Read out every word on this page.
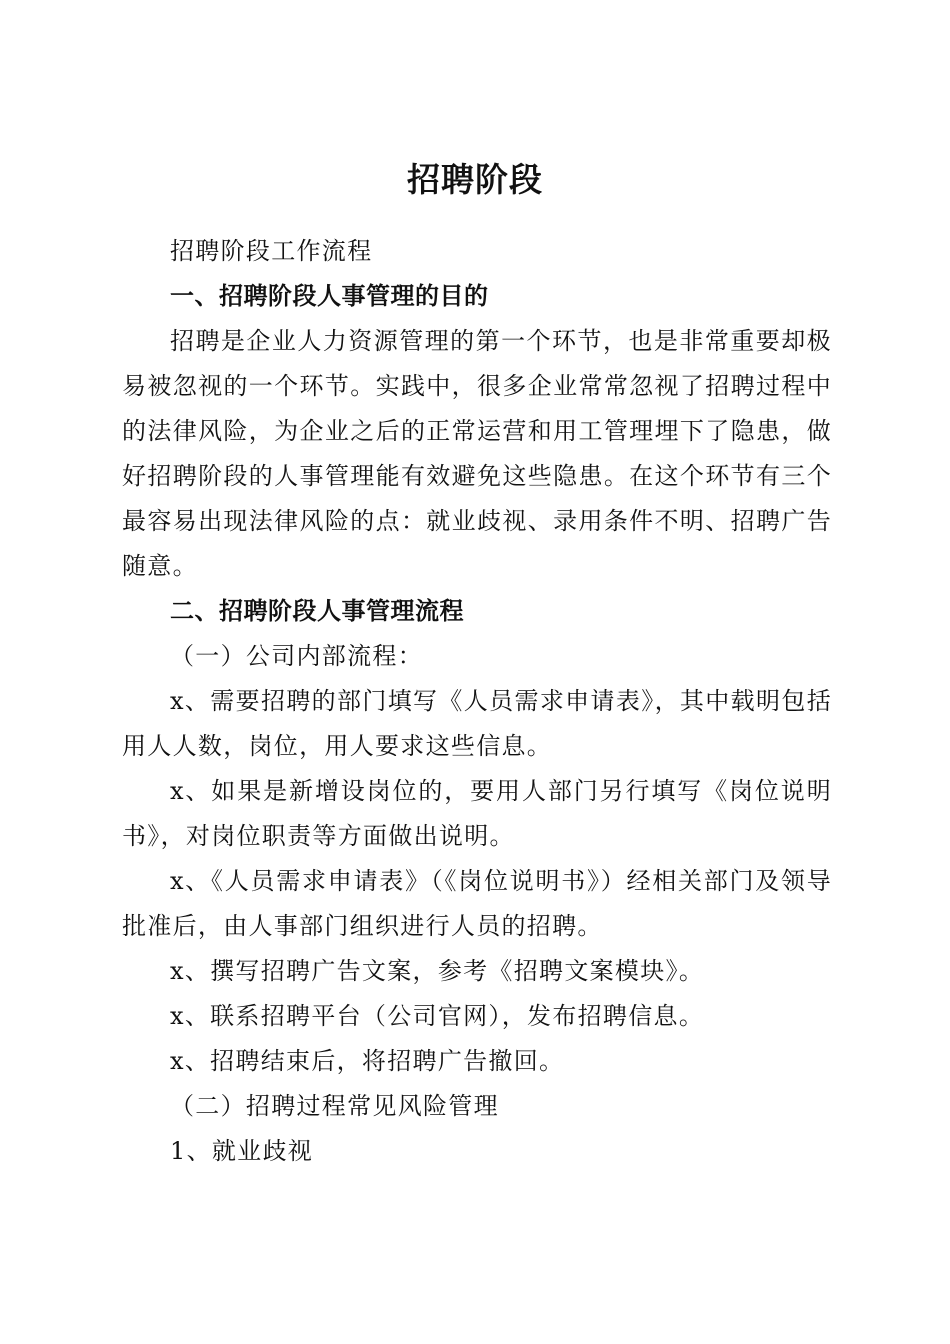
招聘阶段

招聘阶段工作流程

一、招聘阶段人事管理的目的

招聘是企业人力资源管理的第一个环节，也是非常重要却极易被忽视的一个环节。实践中，很多企业常常忽视了招聘过程中的法律风险，为企业之后的正常运营和用工管理埋下了隐患，做好招聘阶段的人事管理能有效避免这些隐患。在这个环节有三个最容易出现法律风险的点：就业歧视、录用条件不明、招聘广告随意。

二、招聘阶段人事管理流程

（一）公司内部流程：

x、需要招聘的部门填写《人员需求申请表》，其中载明包括用人人数，岗位，用人要求这些信息。

x、如果是新增设岗位的，要用人部门另行填写《岗位说明书》，对岗位职责等方面做出说明。

x、《人员需求申请表》（《岗位说明书》）经相关部门及领导批准后，由人事部门组织进行人员的招聘。

x、撰写招聘广告文案，参考《招聘文案模块》。

x、联系招聘平台（公司官网），发布招聘信息。

x、招聘结束后，将招聘广告撤回。

（二）招聘过程常见风险管理

1、就业歧视
